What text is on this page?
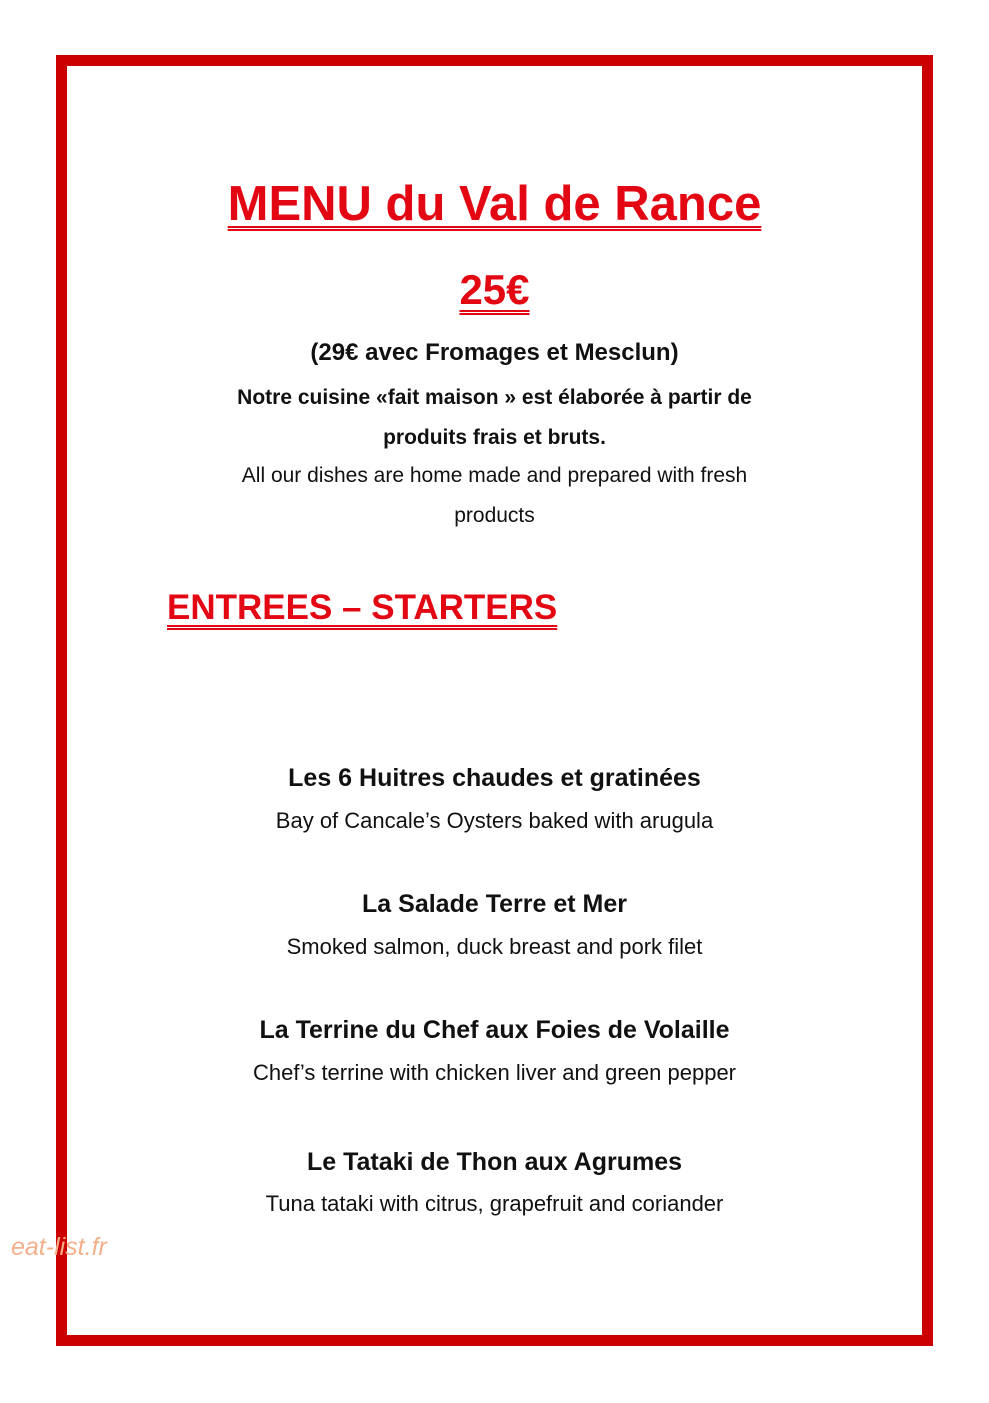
MENU du Val de Rance
25€
(29€ avec Fromages et Mesclun)
Notre cuisine «fait maison » est élaborée à partir de
produits frais et bruts.
All our dishes are home made and prepared with fresh
products
ENTREES – STARTERS
Les 6 Huitres chaudes et gratinées
Bay of Cancale’s Oysters baked with arugula
La Salade Terre et Mer
Smoked salmon, duck breast and pork filet
La Terrine du Chef aux Foies de Volaille
Chef’s terrine with chicken liver and green pepper
Le Tataki de Thon aux Agrumes
Tuna tataki with citrus, grapefruit and coriander
eat-list.fr
